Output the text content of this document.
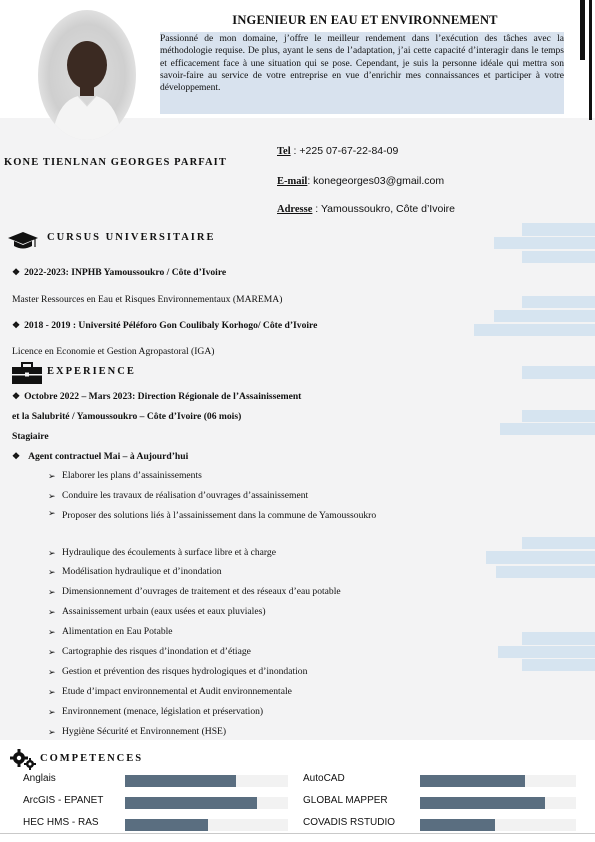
INGENIEUR EN EAU ET ENVIRONNEMENT
Passionné de mon domaine, j’offre le meilleur rendement dans l’exécution des tâches avec la méthodologie requise. De plus, ayant le sens de l’adaptation, j’ai cette capacité d’interagir dans le temps et efficacement face à une situation qui se pose. Cependant, je suis la personne idéale qui mettra son savoir-faire au service de votre entreprise en vue d’enrichir mes connaissances et participer à votre développement.
KONE TIENLNAN GEORGES PARFAIT
Tel : +225 07-67-22-84-09
E-mail: konegeorges03@gmail.com
Adresse : Yamoussoukro, Côte d’Ivoire
CURSUS UNIVERSITAIRE
❖ 2022-2023: INPHB Yamoussoukro / Côte d’Ivoire
Master Ressources en Eau et Risques Environnementaux (MAREMA)
❖ 2018 - 2019 : Université Péléforo Gon Coulibaly Korhogo/ Côte d’Ivoire
Licence en Economie et Gestion Agropastoral (IGA)
EXPERIENCE
❖ Octobre 2022 – Mars 2023: Direction Régionale de l’Assainissement
et la Salubrité / Yamoussoukro – Côte d’Ivoire (06 mois)
Stagiaire
❖ Agent contractuel Mai – à Aujourd’hui
➢ Elaborer les plans d’assainissements
➢ Conduire les travaux de réalisation d’ouvrages d’assainissement
➢ Proposer des solutions liés à l’assainissement dans la commune de Yamoussoukro
➢ Hydraulique des écoulements à surface libre et à charge
➢ Modélisation hydraulique et d’inondation
➢ Dimensionnement d’ouvrages de traitement et des réseaux d’eau potable
➢ Assainissement urbain (eaux usées et eaux pluviales)
➢ Alimentation en Eau Potable
➢ Cartographie des risques d’inondation et d’étiage
➢ Gestion et prévention des risques hydrologiques et d’inondation
➢ Etude d’impact environnemental et Audit environnementale
➢ Environnement (menace, législation et préservation)
➢ Hygiène Sécurité et Environnement (HSE)
COMPETENCES
Anglais	AutoCAD
ArcGIS - EPANET	GLOBAL MAPPER
HEC HMS - RAS	COVADIS RSTUDIO
